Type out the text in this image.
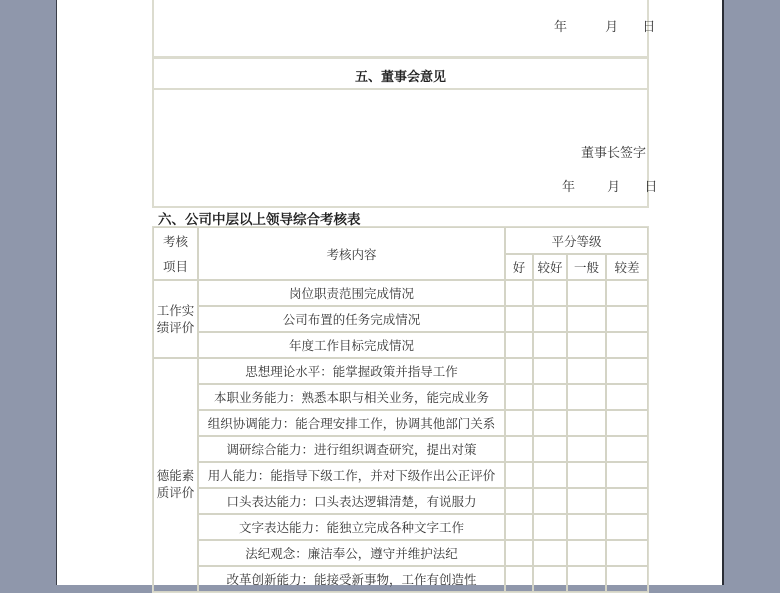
年	月 日
五、董事会意见
董事长签字
年 月 日
六、公司中层以上领导综合考核表
考核
项目	考核内容	平分等级			
		好	较好	一般	较差

工作实
绩评价	岗位职责范围完成情况				
	公司布置的任务完成情况				
	年度工作目标完成情况				

德能素
质评价	思想理论水平：能掌握政策并指导工作				
	本职业务能力：熟悉本职与相关业务，能完成业务				
	组织协调能力：能合理安排工作，协调其他部门关系				
	调研综合能力：进行组织调查研究，提出对策				
	用人能力：能指导下级工作，并对下级作出公正评价				
	口头表达能力：口头表达逻辑清楚，有说服力				
	文字表达能力：能独立完成各种文字工作				
	法纪观念：廉洁奉公，遵守并维护法纪				
	改革创新能力：能接受新事物，工作有创造性				
